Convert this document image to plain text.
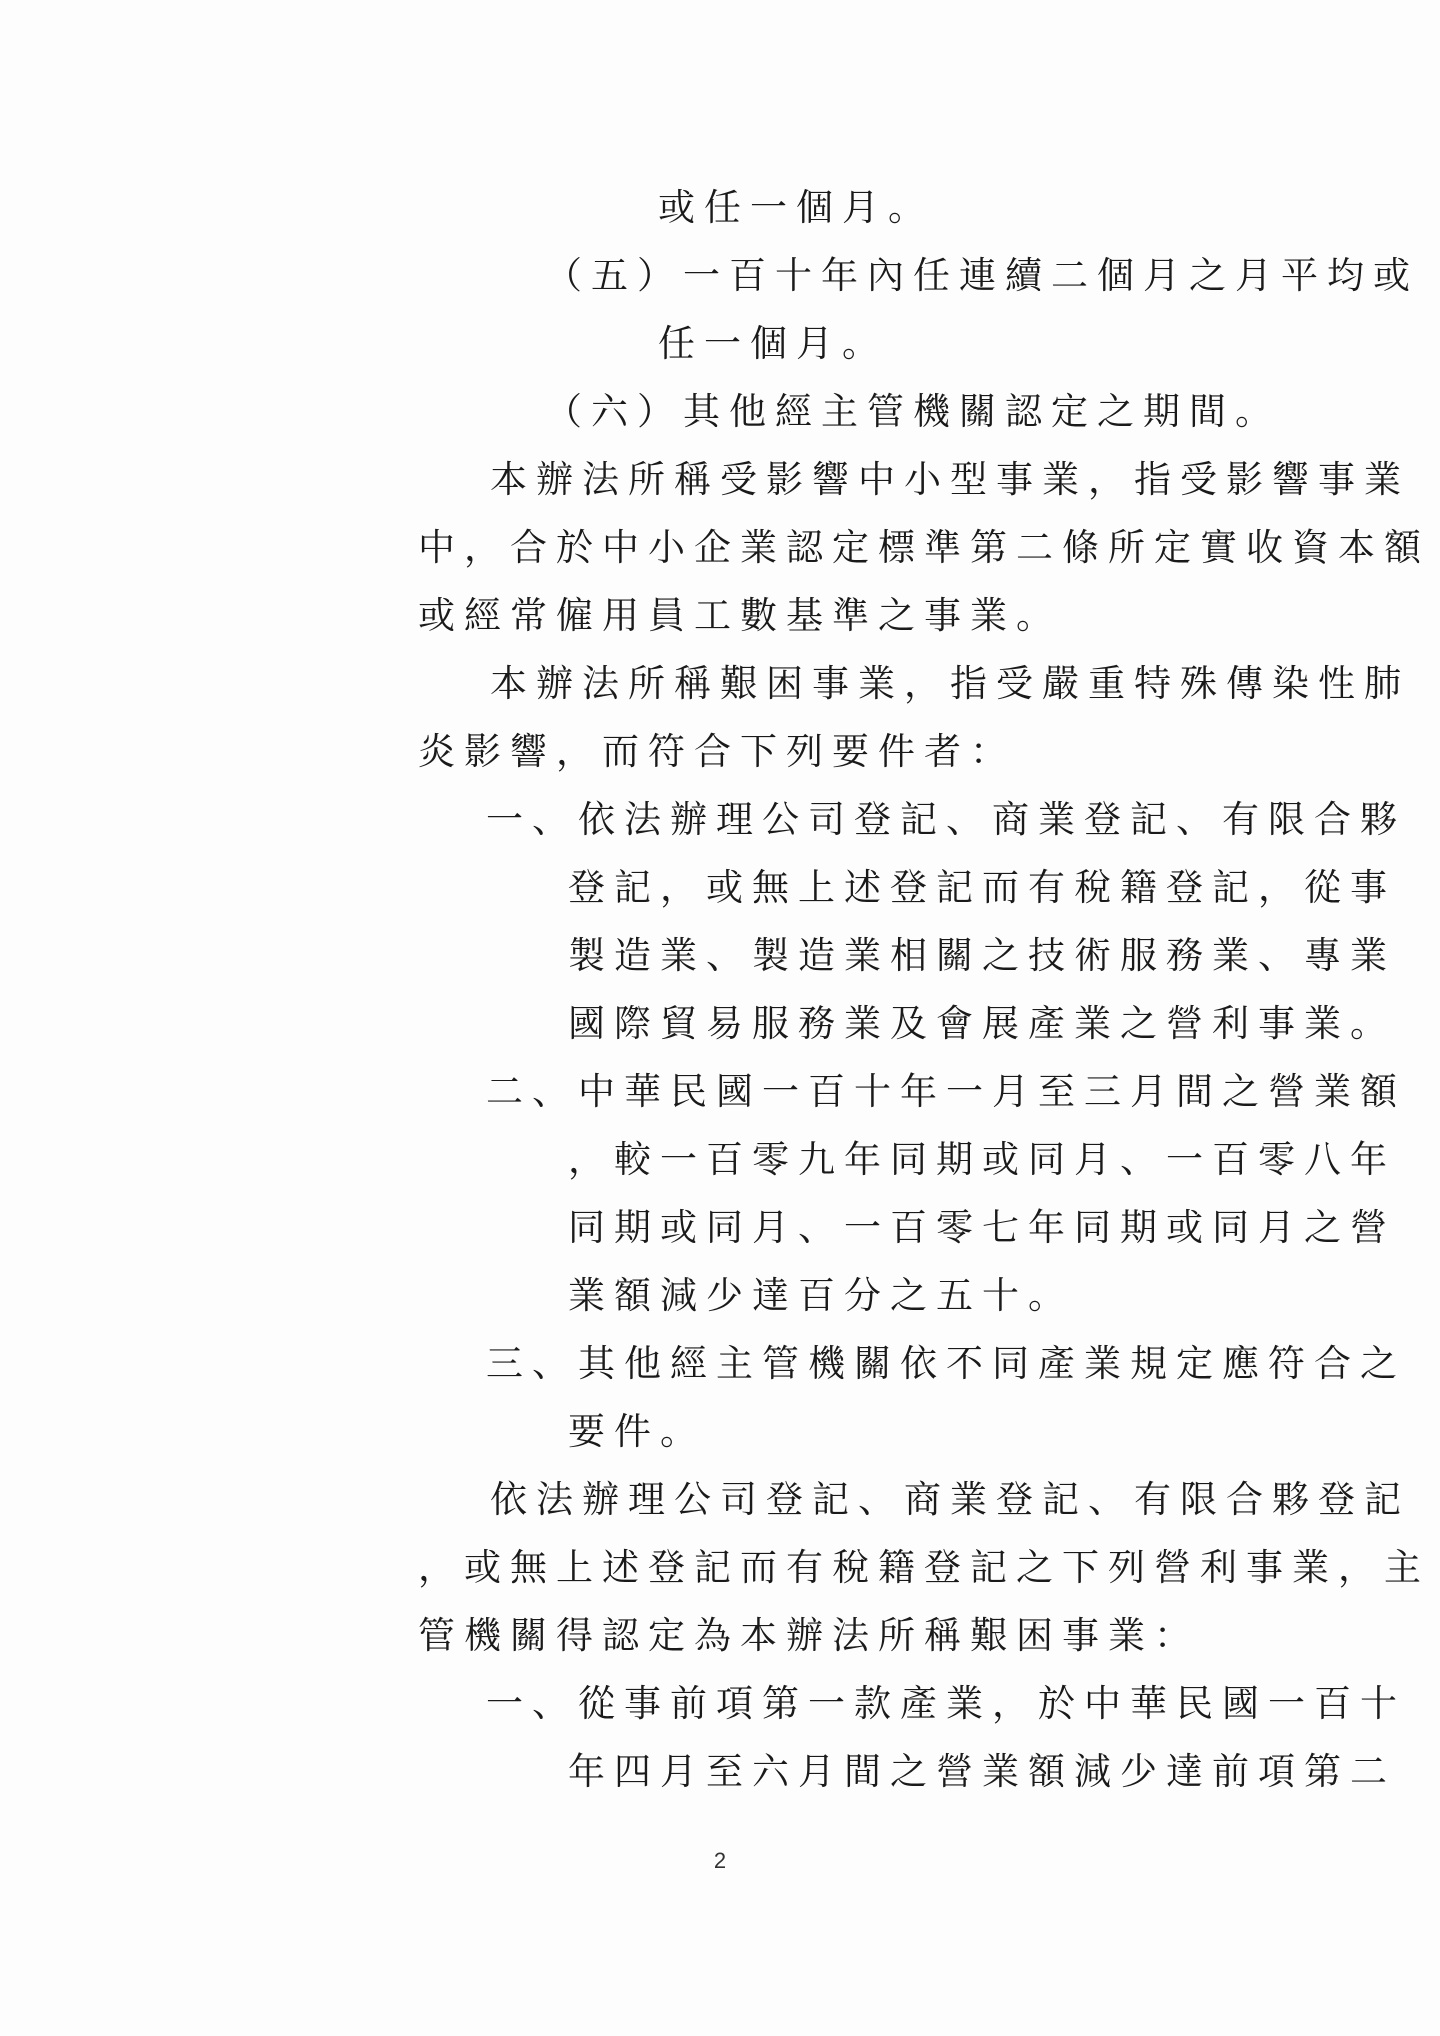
或任一個月。
（五）一百十年內任連續二個月之月平均或
任一個月。
（六）其他經主管機關認定之期間。
本辦法所稱受影響中小型事業，指受影響事業
中，合於中小企業認定標準第二條所定實收資本額
或經常僱用員工數基準之事業。
本辦法所稱艱困事業，指受嚴重特殊傳染性肺
炎影響，而符合下列要件者：
一、依法辦理公司登記、商業登記、有限合夥
登記，或無上述登記而有稅籍登記，從事
製造業、製造業相關之技術服務業、專業
國際貿易服務業及會展產業之營利事業。
二、中華民國一百十年一月至三月間之營業額
，較一百零九年同期或同月、一百零八年
同期或同月、一百零七年同期或同月之營
業額減少達百分之五十。
三、其他經主管機關依不同產業規定應符合之
要件。
依法辦理公司登記、商業登記、有限合夥登記
，或無上述登記而有稅籍登記之下列營利事業，主
管機關得認定為本辦法所稱艱困事業：
一、從事前項第一款產業，於中華民國一百十
年四月至六月間之營業額減少達前項第二
2
